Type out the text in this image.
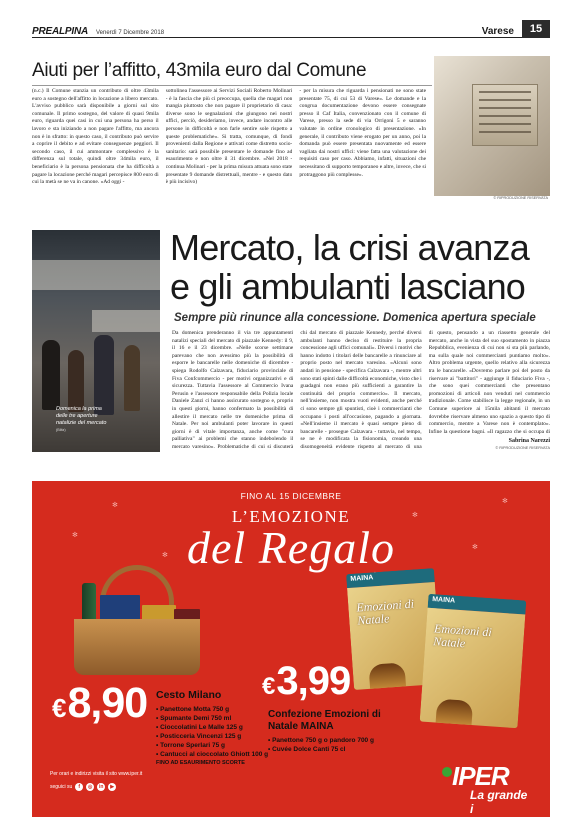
PREALPINA Venerdì 7 Dicembre 2018	Varese	15
Aiuti per l’affitto, 43mila euro dal Comune

(n.c.) Il Comune stanzia un contributo di oltre 43mila euro a sostegno dell'affitto in locazione a libero mercato. L'avviso pubblico sarà disponibile a giorni sul sito comunale. Il primo sostegno, del valore di quasi 9mila euro, riguarda quei casi in cui una persona ha perso il lavoro e sta iniziando a non pagare l'affitto, ma ancora non è in sfratto: in questo caso, il contributo può servire a coprire il debito e ad evitare conseguenze peggiori. Il secondo caso, il cui ammontare complessivo è la differenza sul totale, quindi oltre 34mila euro, il beneficiario è la persona pensionata che ha difficoltà a pagare la locazione perché magari percepisce 800 euro di cui la metà se ne va in canone. «Ad oggi -

sottolinea l'assessore ai Servizi Sociali Roberto Molinari - è la fascia che più ci preoccupa, quella che magari non mangia piuttosto che non pagare il proprietario di casa: diverse sono le segnalazioni che giungono nei nostri uffici, perciò, desideriamo, invece, andare incontro alle persone in difficoltà e non farle sentire sole rispetto a queste problematiche». Si tratta, comunque, di fondi provenienti dalla Regione e attivati come distretto socio-sanitario: sarà possibile presentare le domande fino ad esaurimento e non oltre il 31 dicembre. «Nel 2018 - continua Molinari - per la prima misura attuata sono state presentate 9 domande distrettuali, mentre - e questo dato è più incisivo)

- per la misura che riguarda i pensionati ne sono state presentate 75, di cui 53 di Varese». Le domande e la congrua documentazione devono essere consegnate presso il Caf Italia, convenzionato con il comune di Varese, presso la sede di via Orrigoni 5 e saranno valutate in ordine cronologico di presentazione. «In generale, il contributo viene erogato per un anno, poi la domanda può essere presentata nuovamente ed essere vagliata dai nostri uffici: viene fatta una valutazione dei requisiti caso per caso. Abbiamo, infatti, situazioni che necessitano di supporto temporaneo e altre, invece, che si protraggono più complesse».

© RIPRODUZIONE RISERVATA
Domenica la prima delle tre aperture natalizie del mercato
(Blitz)
Mercato, la crisi avanza e gli ambulanti lasciano
Sempre più rinunce alla concessione. Domenica apertura speciale

Da domenica prenderanno il via tre appuntamenti natalizi speciali del mercato di piazzale Kennedy: il 9, il 16 e il 23 dicembre. «Nelle scorse settimane parevano che non avessimo più la possibilità di esporre le bancarelle nelle domeniche di dicembre - spiega Rodolfo Calzavara, fiduciario provinciale di Fiva Confcommercio - per motivi organizzativi e di sicurezza. Tuttavia l'assessore al Commercio Ivana Perusin e l'assessore responsabile della Polizia locale Daniele Zanzi ci hanno assicurato sostegno e, proprio in questi giorni, hanno confermato la possibilità di allestire il mercato nelle tre domeniche prima di Natale. Per noi ambulanti poter lavorare in questi giorni è di vitale importanza, anche come "cura palliativa" ai problemi che stanno indebolendo il mercato varesino». Problematiche di cui si discuterà

chi dal mercato di piazzale Kennedy, perché diversi ambulanti hanno deciso di restituire la propria concessione agli uffici comunali». Diversi i motivi che hanno indotto i titolari delle bancarelle a rinunciare al proprio posto nel mercato varesino. «Alcuni sono andati in pensione - specifica Calzavara -, mentre altri sono stati spinti dalle difficoltà economiche, visto che i guadagni non erano più sufficienti a garantire la continuità del proprio commercio». Il mercato, nell'insieme, non mostra vuoti evidenti, anche perché ci sono sempre gli spuntisti, cioè i commercianti che occupano i posti all'occasione, pagando a giornata. «Nell'insieme il mercato è quasi sempre pieno di bancarelle - prosegue Calzavara - tuttavia, nel tempo, se ne è modificata la fisionomia, creando una disomogeneità evidente rispetto al mercato di una

di questo, pensando a un riassetto generale del mercato, anche in vista del suo spostamento in piazza Repubblica, evenienza di cui non si sta più parlando, ma sulla quale noi commercianti puntiamo molto». Altro problema urgente, quello relativo alla sicurezza tra le bancarelle. «Dovremo parlare poi del posto da riservare ai "battitori" - aggiunge il fiduciario Fiva -, che sono quei commercianti che presentano promozioni di articoli non venduti nel commercio tradizionale. Come stabilisce la legge regionale, in un Comune superiore ai 15mila abitanti il mercato dovrebbe riservare almeno uno spazio a questo tipo di commercio, mentre a Varese non è contemplato». Infine la questione bagni. «Il ragazzo che si occupa di

Sabrina Narezzi
© RIPRODUZIONE RISERVATA
✻
✻
✻
✻
✻
✻
FINO AL 15 DICEMBRE
L’EMOZIONE
del Regalo
€8,90 Cesto Milano
• Panettone Motta 750 g
• Spumante Demi 750 ml
• Cioccolatini Le Malle 125 g
• Posticceria Vincenzi 125 g
• Torrone Sperlari 75 g
• Cantucci al cioccolato Ghiott 100 g
FINO AD ESAURIMENTO SCORTE
MAINA
Emozioni di Natale
MAINA
Emozioni di Natale
€3,99
Confezione Emozioni di Natale MAINA
• Panettone 750 g o pandoro 700 g
• Cuvée Dolce Canti 75 cl
Per orari e indirizzi visita il sito www.iper.it
seguici su	f	◎	in	▶	IPER
La grande i
